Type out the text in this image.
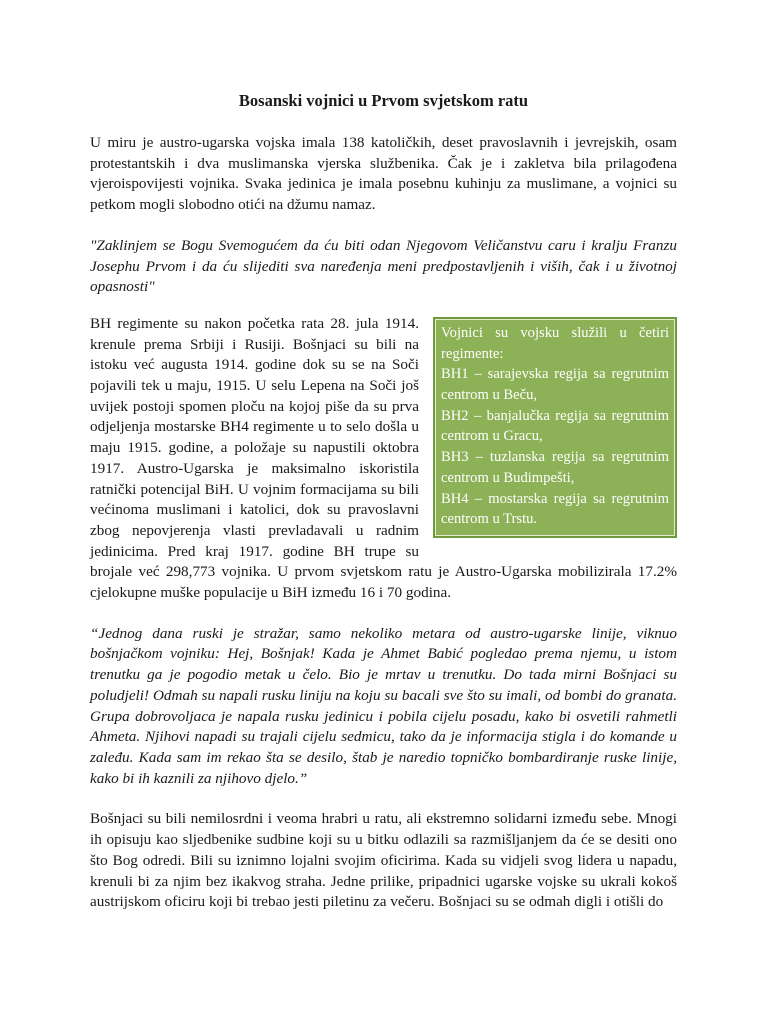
Bosanski vojnici u Prvom svjetskom ratu

U miru je austro-ugarska vojska imala 138 katoličkih, deset pravoslavnih i jevrejskih, osam protestantskih i dva muslimanska vjerska službenika. Čak je i zakletva bila prilagođena vjeroispovijesti vojnika. Svaka jedinica je imala posebnu kuhinju za muslimane, a vojnici su petkom mogli slobodno otići na džumu namaz.

"Zaklinjem se Bogu Svemogućem da ću biti odan Njegovom Veličanstvu caru i kralju Franzu Josephu Prvom i da ću slijediti sva naređenja meni predpostavljenih i viših, čak i u životnoj opasnosti"

Vojnici su vojsku služili u četiri regimente:
BH1 – sarajevska regija sa regrutnim centrom u Beču,
BH2 – banjalučka regija sa regrutnim centrom u Gracu,
BH3 – tuzlanska regija sa regrutnim centrom u Budimpešti,
BH4 – mostarska regija sa regrutnim centrom u Trstu.

BH regimente su nakon početka rata 28. jula 1914. krenule prema Srbiji i Rusiji. Bošnjaci su bili na istoku već augusta 1914. godine dok su se na Soči pojavili tek u maju, 1915. U selu Lepena na Soči još uvijek postoji spomen ploču na kojoj piše da su prva odjeljenja mostarske BH4 regimente u to selo došla u maju 1915. godine, a položaje su napustili oktobra 1917. Austro-Ugarska je maksimalno iskoristila ratnički potencijal BiH. U vojnim formacijama su bili većinoma muslimani i katolici, dok su pravoslavni zbog nepovjerenja vlasti prevladavali u radnim jedinicima. Pred kraj 1917. godine BH trupe su brojale već 298,773 vojnika. U prvom svjetskom ratu je Austro-Ugarska mobilizirala 17.2% cjelokupne muške populacije u BiH između 16 i 70 godina.

“Jednog dana ruski je stražar, samo nekoliko metara od austro-ugarske linije, viknuo bošnjačkom vojniku: Hej, Bošnjak! Kada je Ahmet Babić pogledao prema njemu, u istom trenutku ga je pogodio metak u čelo. Bio je mrtav u trenutku. Do tada mirni Bošnjaci su poludjeli! Odmah su napali rusku liniju na koju su bacali sve što su imali, od bombi do granata. Grupa dobrovoljaca je napala rusku jedinicu i pobila cijelu posadu, kako bi osvetili rahmetli Ahmeta. Njihovi napadi su trajali cijelu sedmicu, tako da je informacija stigla i do komande u zaleđu. Kada sam im rekao šta se desilo, štab je naredio topničko bombardiranje ruske linije, kako bi ih kaznili za njihovo djelo.”

Bošnjaci su bili nemilosrdni i veoma hrabri u ratu, ali ekstremno solidarni između sebe. Mnogi ih opisuju kao sljedbenike sudbine koji su u bitku odlazili sa razmišljanjem da će se desiti ono što Bog odredi. Bili su iznimno lojalni svojim oficirima. Kada su vidjeli svog lidera u napadu, krenuli bi za njim bez ikakvog straha. Jedne prilike, pripadnici ugarske vojske su ukrali kokoš austrijskom oficiru koji bi trebao jesti piletinu za večeru. Bošnjaci su se odmah digli i otišli do
